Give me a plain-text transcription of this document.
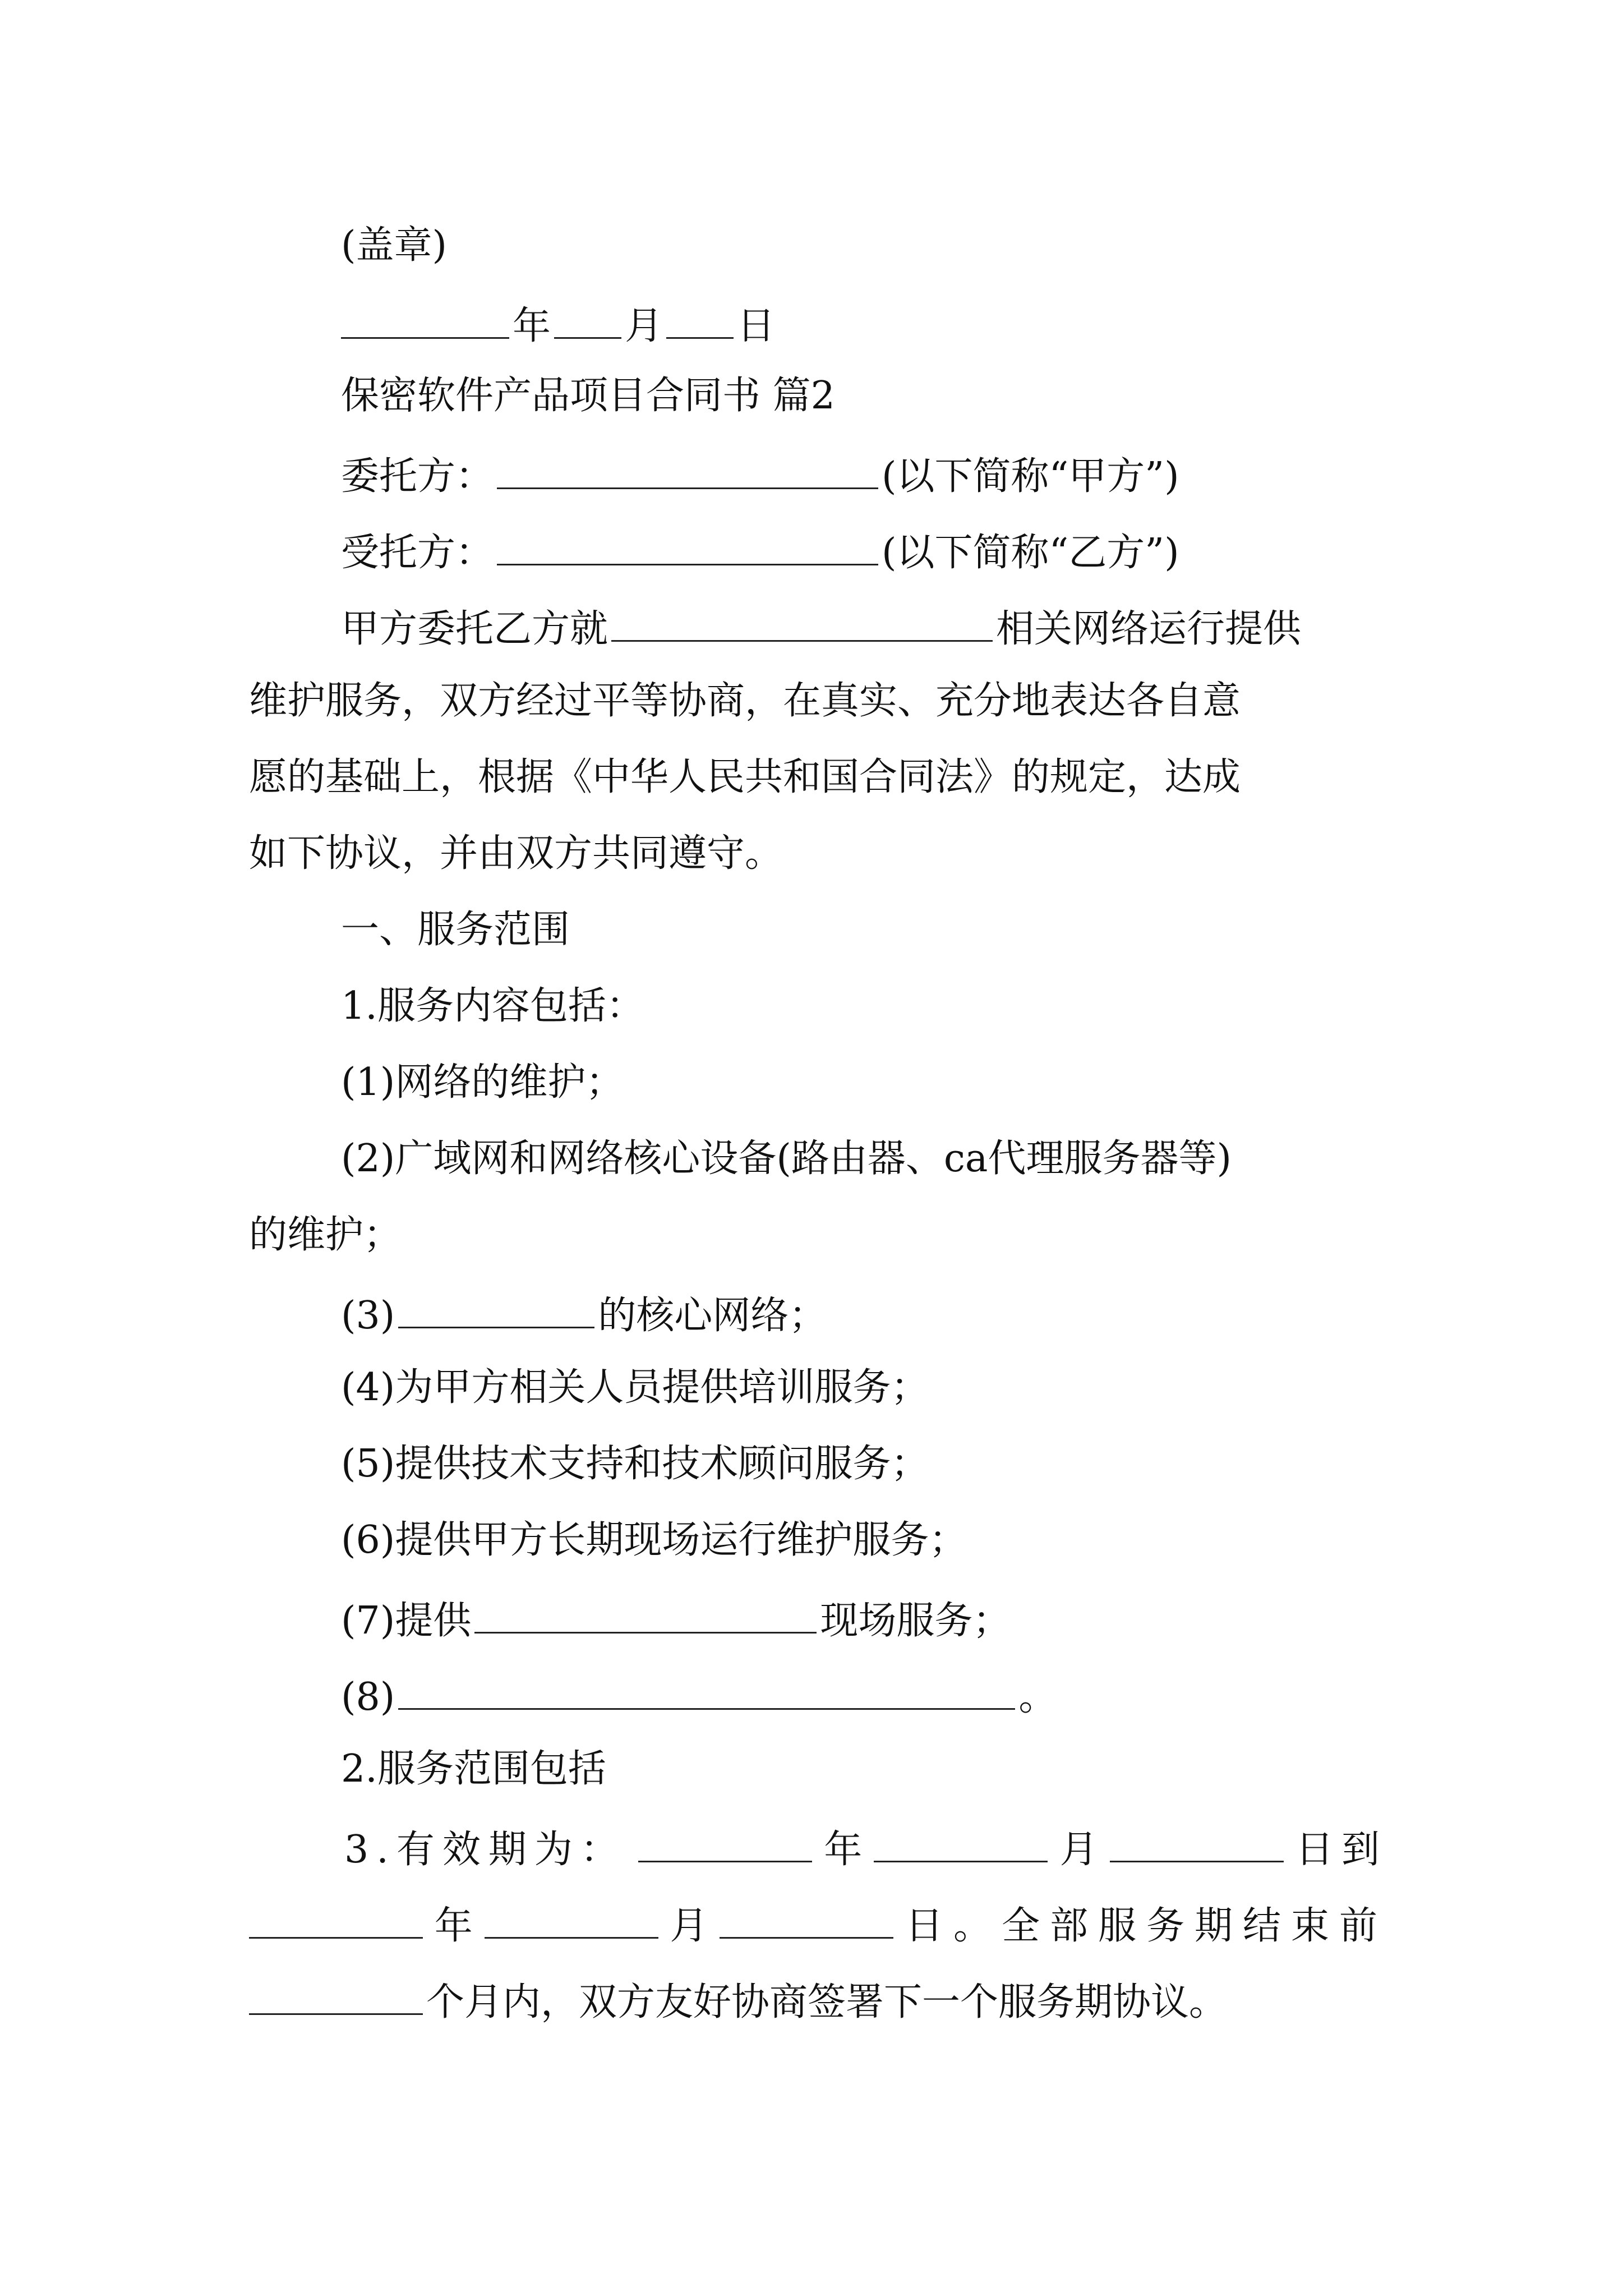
(盖章)
年 月 日
保密软件产品项目合同书 篇2
委托方：	(以下简称“甲方”)
受托方：	(以下简称“乙方”)
甲方委托乙方就	相关网络运行提供
维护服务，双方经过平等协商，在真实、充分地表达各自意
愿的基础上，根据《中华人民共和国合同法》的规定，达成
如下协议，并由双方共同遵守。
一、服务范围
1.服务内容包括：
(1)网络的维护；
(2)广域网和网络核心设备(路由器、ca代理服务器等)
的维护；
(3)	的核心网络；
(4)为甲方相关人员提供培训服务；
(5)提供技术支持和技术顾问服务；
(6)提供甲方长期现场运行维护服务；
(7)提供	现场服务；
(8)	。
2.服务范围包括
3.有效期为：	年	月	日到
年	月	日。全部服务期结束前
个月内，双方友好协商签署下一个服务期协议。
